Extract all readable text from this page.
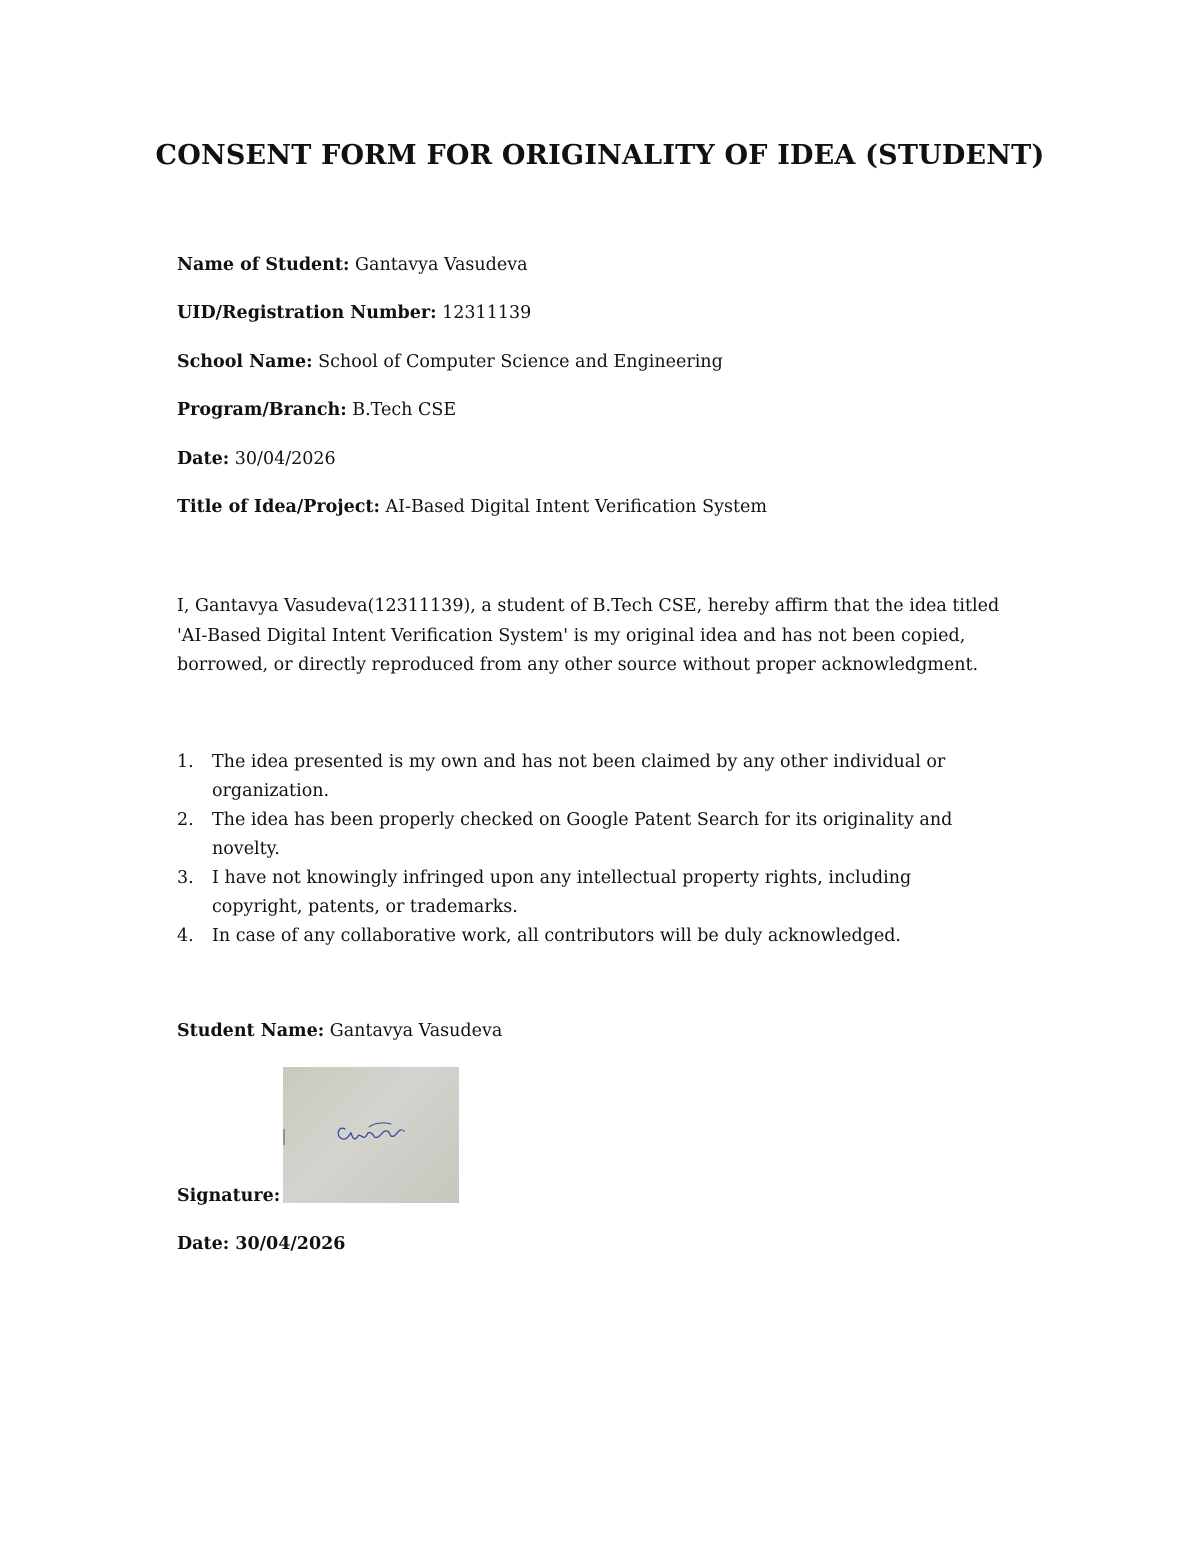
CONSENT FORM FOR ORIGINALITY OF IDEA (STUDENT)

Name of Student: Gantavya Vasudeva

UID/Registration Number: 12311139

School Name: School of Computer Science and Engineering

Program/Branch: B.Tech CSE

Date: 30/04/2026

Title of Idea/Project: AI-Based Digital Intent Verification System

I, Gantavya Vasudeva(12311139), a student of B.Tech CSE, hereby affirm that the idea titled 'AI-Based Digital Intent Verification System' is my original idea and has not been copied, borrowed, or directly reproduced from any other source without proper acknowledgment.

1. The idea presented is my own and has not been claimed by any other individual or organization.
2. The idea has been properly checked on Google Patent Search for its originality and novelty.
3. I have not knowingly infringed upon any intellectual property rights, including copyright, patents, or trademarks.
4. In case of any collaborative work, all contributors will be duly acknowledged.

Student Name: Gantavya Vasudeva

Signature:

Date: 30/04/2026
